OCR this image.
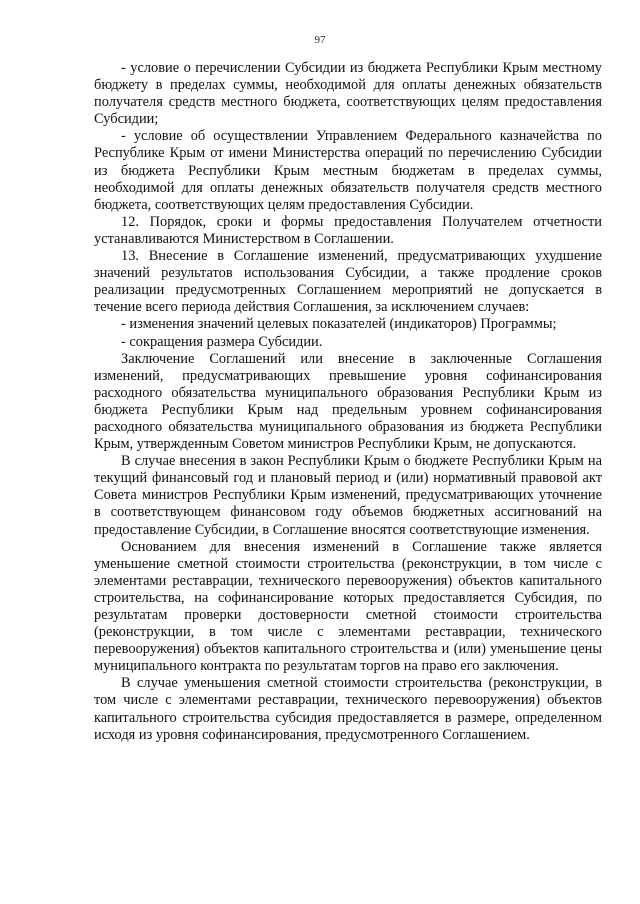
97

- условие о перечислении Субсидии из бюджета Республики Крым местному бюджету в пределах суммы, необходимой для оплаты денежных обязательств получателя средств местного бюджета, соответствующих целям предоставления Субсидии;

- условие об осуществлении Управлением Федерального казначейства по Республике Крым от имени Министерства операций по перечислению Субсидии из бюджета Республики Крым местным бюджетам в пределах суммы, необходимой для оплаты денежных обязательств получателя средств местного бюджета, соответствующих целям предоставления Субсидии.

12. Порядок, сроки и формы предоставления Получателем отчетности устанавливаются Министерством в Соглашении.

13. Внесение в Соглашение изменений, предусматривающих ухудшение значений результатов использования Субсидии, а также продление сроков реализации предусмотренных Соглашением мероприятий не допускается в течение всего периода действия Соглашения, за исключением случаев:

- изменения значений целевых показателей (индикаторов) Программы;

- сокращения размера Субсидии.

Заключение Соглашений или внесение в заключенные Соглашения изменений, предусматривающих превышение уровня софинансирования расходного обязательства муниципального образования Республики Крым из бюджета Республики Крым над предельным уровнем софинансирования расходного обязательства муниципального образования из бюджета Республики Крым, утвержденным Советом министров Республики Крым, не допускаются.

В случае внесения в закон Республики Крым о бюджете Республики Крым на текущий финансовый год и плановый период и (или) нормативный правовой акт Совета министров Республики Крым изменений, предусматривающих уточнение в соответствующем финансовом году объемов бюджетных ассигнований на предоставление Субсидии, в Соглашение вносятся соответствующие изменения.

Основанием для внесения изменений в Соглашение также является уменьшение сметной стоимости строительства (реконструкции, в том числе с элементами реставрации, технического перевооружения) объектов капитального строительства, на софинансирование которых предоставляется Субсидия, по результатам проверки достоверности сметной стоимости строительства (реконструкции, в том числе с элементами реставрации, технического перевооружения) объектов капитального строительства и (или) уменьшение цены муниципального контракта по результатам торгов на право его заключения.

В случае уменьшения сметной стоимости строительства (реконструкции, в том числе с элементами реставрации, технического перевооружения) объектов капитального строительства субсидия предоставляется в размере, определенном исходя из уровня софинансирования, предусмотренного Соглашением.
